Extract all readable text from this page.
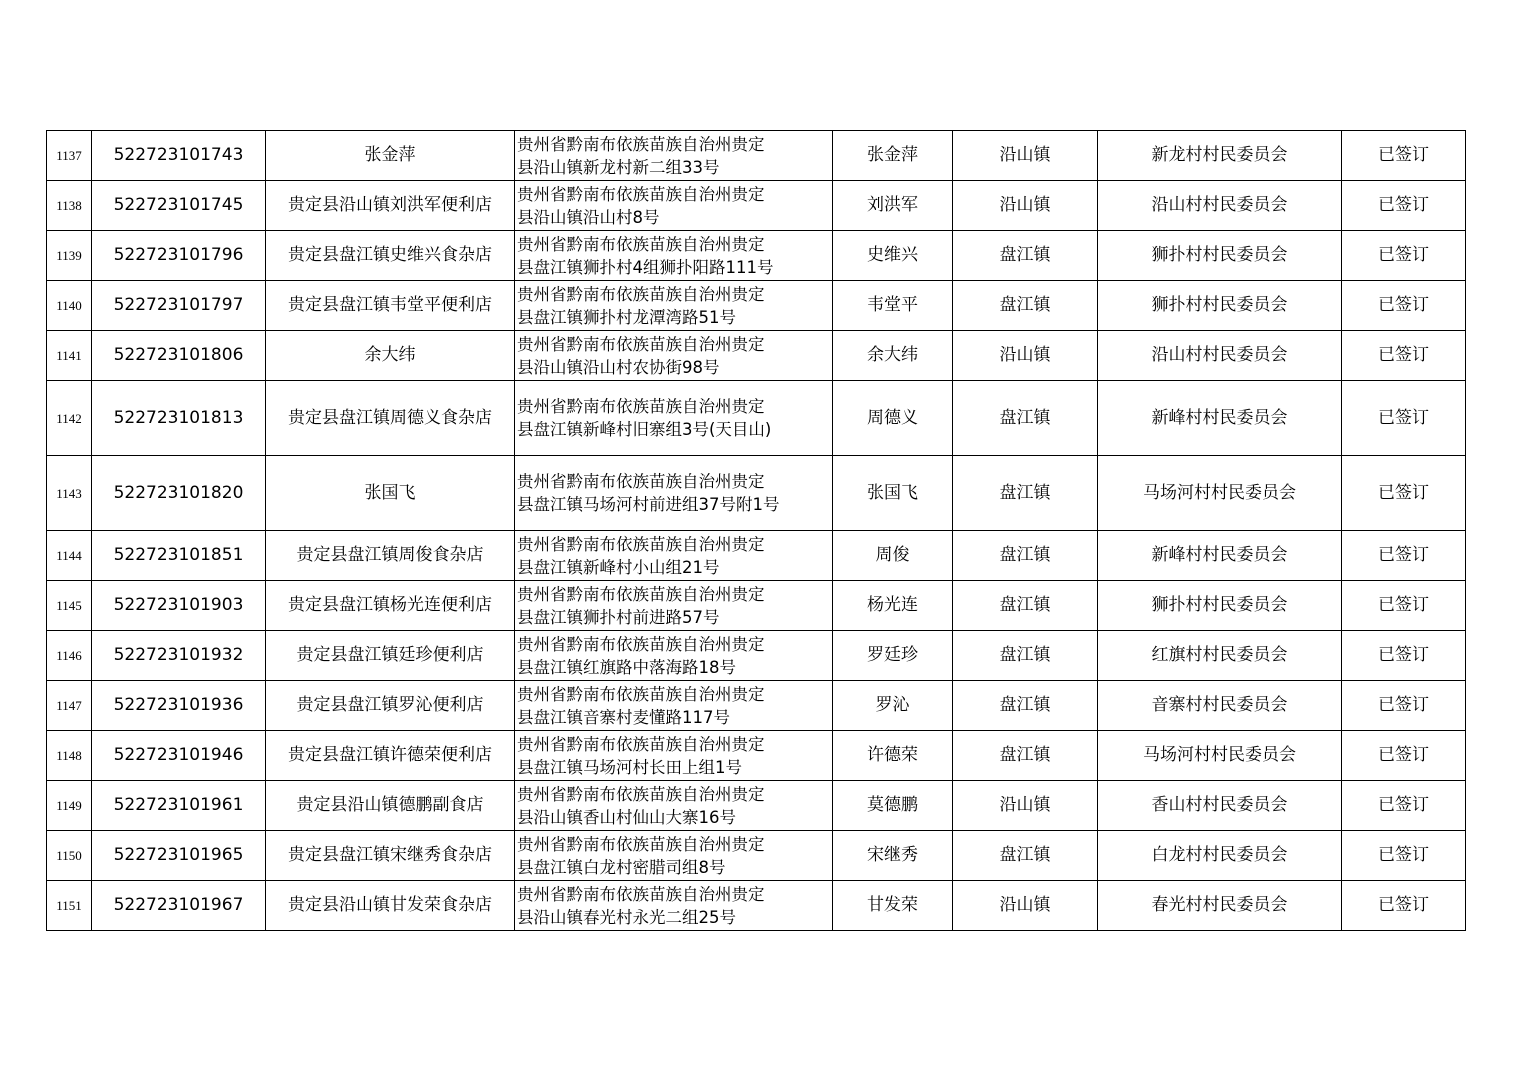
1137	522723101743	张金萍	贵州省黔南布依族苗族自治州贵定
县沿山镇新龙村新二组33号	张金萍	沿山镇	新龙村村民委员会	已签订
1138	522723101745	贵定县沿山镇刘洪军便利店	贵州省黔南布依族苗族自治州贵定
县沿山镇沿山村8号	刘洪军	沿山镇	沿山村村民委员会	已签订
1139	522723101796	贵定县盘江镇史维兴食杂店	贵州省黔南布依族苗族自治州贵定
县盘江镇狮扑村4组狮扑阳路111号	史维兴	盘江镇	狮扑村村民委员会	已签订
1140	522723101797	贵定县盘江镇韦堂平便利店	贵州省黔南布依族苗族自治州贵定
县盘江镇狮扑村龙潭湾路51号	韦堂平	盘江镇	狮扑村村民委员会	已签订
1141	522723101806	余大纬	贵州省黔南布依族苗族自治州贵定
县沿山镇沿山村农协街98号	余大纬	沿山镇	沿山村村民委员会	已签订
1142	522723101813	贵定县盘江镇周德义食杂店	贵州省黔南布依族苗族自治州贵定
县盘江镇新峰村旧寨组3号(天目山)	周德义	盘江镇	新峰村村民委员会	已签订
1143	522723101820	张国飞	贵州省黔南布依族苗族自治州贵定
县盘江镇马场河村前进组37号附1号	张国飞	盘江镇	马场河村村民委员会	已签订
1144	522723101851	贵定县盘江镇周俊食杂店	贵州省黔南布依族苗族自治州贵定
县盘江镇新峰村小山组21号	周俊	盘江镇	新峰村村民委员会	已签订
1145	522723101903	贵定县盘江镇杨光连便利店	贵州省黔南布依族苗族自治州贵定
县盘江镇狮扑村前进路57号	杨光连	盘江镇	狮扑村村民委员会	已签订
1146	522723101932	贵定县盘江镇廷珍便利店	贵州省黔南布依族苗族自治州贵定
县盘江镇红旗路中落海路18号	罗廷珍	盘江镇	红旗村村民委员会	已签订
1147	522723101936	贵定县盘江镇罗沁便利店	贵州省黔南布依族苗族自治州贵定
县盘江镇音寨村麦懂路117号	罗沁	盘江镇	音寨村村民委员会	已签订
1148	522723101946	贵定县盘江镇许德荣便利店	贵州省黔南布依族苗族自治州贵定
县盘江镇马场河村长田上组1号	许德荣	盘江镇	马场河村村民委员会	已签订
1149	522723101961	贵定县沿山镇德鹏副食店	贵州省黔南布依族苗族自治州贵定
县沿山镇香山村仙山大寨16号	莫德鹏	沿山镇	香山村村民委员会	已签订
1150	522723101965	贵定县盘江镇宋继秀食杂店	贵州省黔南布依族苗族自治州贵定
县盘江镇白龙村密腊司组8号	宋继秀	盘江镇	白龙村村民委员会	已签订
1151	522723101967	贵定县沿山镇甘发荣食杂店	贵州省黔南布依族苗族自治州贵定
县沿山镇春光村永光二组25号	甘发荣	沿山镇	春光村村民委员会	已签订
